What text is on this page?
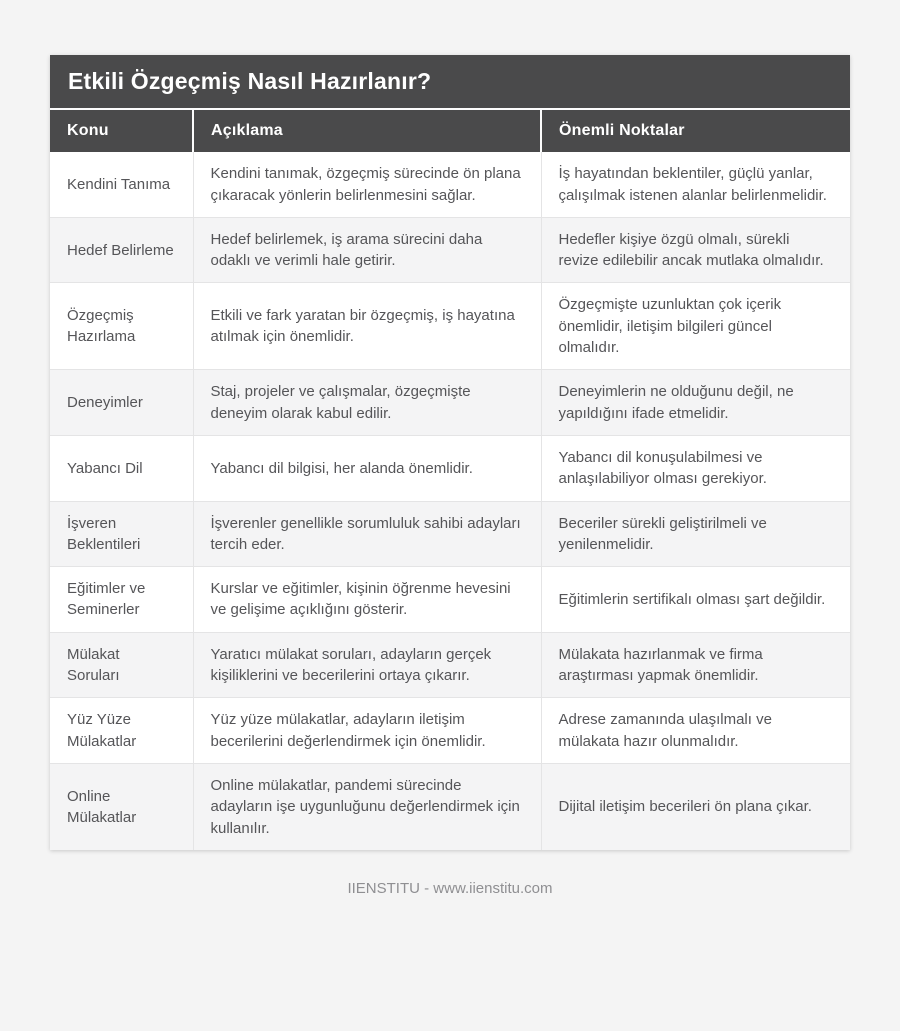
Etkili Özgeçmiş Nasıl Hazırlanır?
Konu	Açıklama	Önemli Noktalar
Kendini Tanıma	Kendini tanımak, özgeçmiş sürecinde ön plana çıkaracak yönlerin belirlenmesini sağlar.	İş hayatından beklentiler, güçlü yanlar, çalışılmak istenen alanlar belirlenmelidir.
Hedef Belirleme	Hedef belirlemek, iş arama sürecini daha odaklı ve verimli hale getirir.	Hedefler kişiye özgü olmalı, sürekli revize edilebilir ancak mutlaka olmalıdır.
Özgeçmiş Hazırlama	Etkili ve fark yaratan bir özgeçmiş, iş hayatına atılmak için önemlidir.	Özgeçmişte uzunluktan çok içerik önemlidir, iletişim bilgileri güncel olmalıdır.
Deneyimler	Staj, projeler ve çalışmalar, özgeçmişte deneyim olarak kabul edilir.	Deneyimlerin ne olduğunu değil, ne yapıldığını ifade etmelidir.
Yabancı Dil	Yabancı dil bilgisi, her alanda önemlidir.	Yabancı dil konuşulabilmesi ve anlaşılabiliyor olması gerekiyor.
İşveren Beklentileri	İşverenler genellikle sorumluluk sahibi adayları tercih eder.	Beceriler sürekli geliştirilmeli ve yenilenmelidir.
Eğitimler ve Seminerler	Kurslar ve eğitimler, kişinin öğrenme hevesini ve gelişime açıklığını gösterir.	Eğitimlerin sertifikalı olması şart değildir.
Mülakat Soruları	Yaratıcı mülakat soruları, adayların gerçek kişiliklerini ve becerilerini ortaya çıkarır.	Mülakata hazırlanmak ve firma araştırması yapmak önemlidir.
Yüz Yüze Mülakatlar	Yüz yüze mülakatlar, adayların iletişim becerilerini değerlendirmek için önemlidir.	Adrese zamanında ulaşılmalı ve mülakata hazır olunmalıdır.
Online Mülakatlar	Online mülakatlar, pandemi sürecinde adayların işe uygunluğunu değerlendirmek için kullanılır.	Dijital iletişim becerileri ön plana çıkar.
IIENSTITU - www.iienstitu.com
